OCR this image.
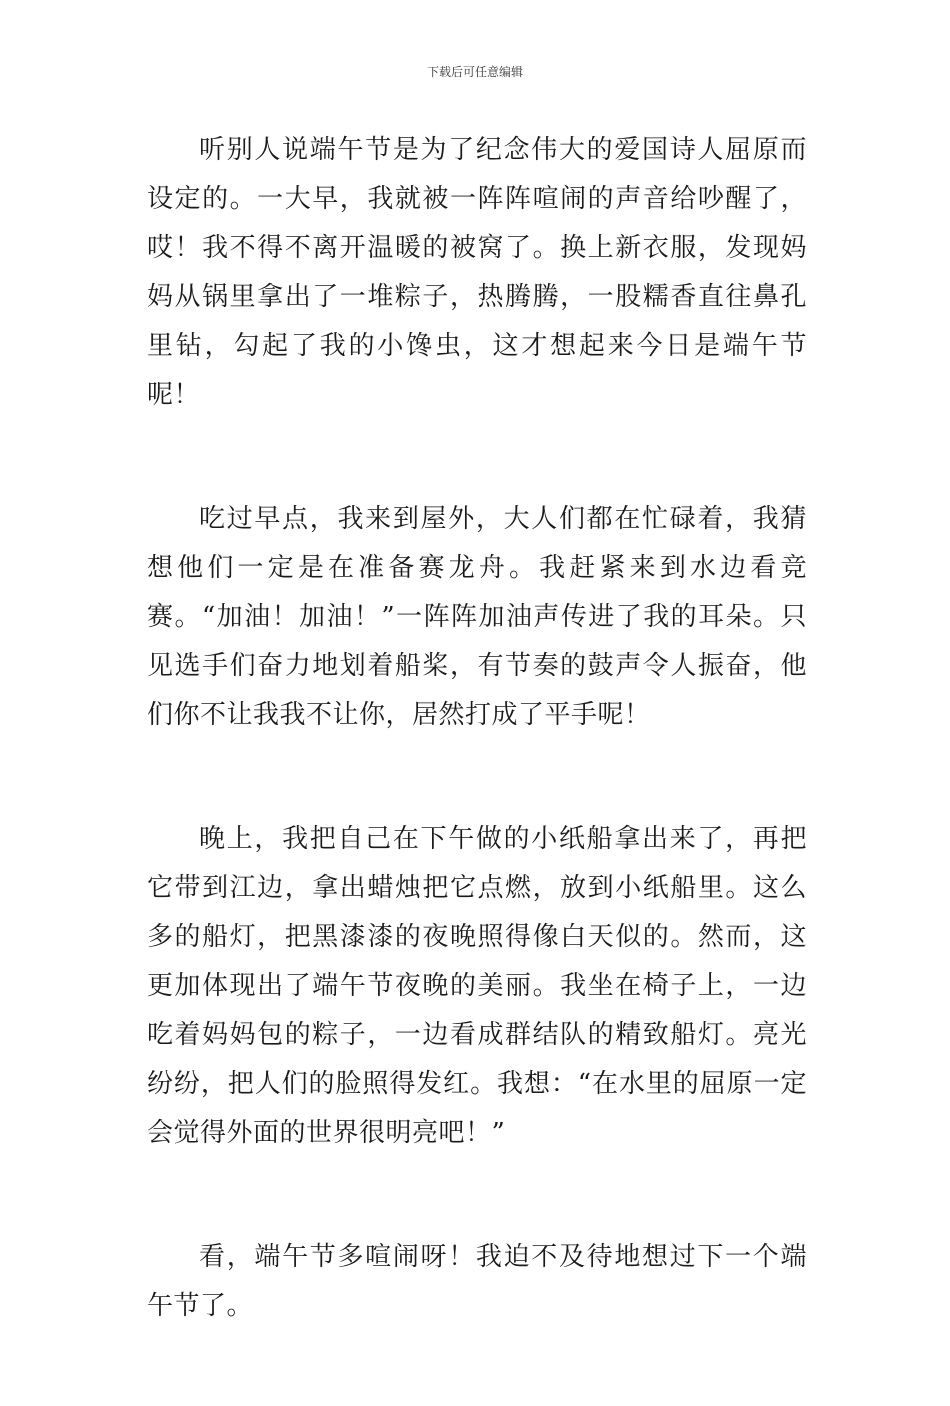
下载后可任意编辑

听别人说端午节是为了纪念伟大的爱国诗人屈原而设定的。一大早，我就被一阵阵喧闹的声音给吵醒了，哎！我不得不离开温暖的被窝了。换上新衣服，发现妈妈从锅里拿出了一堆粽子，热腾腾，一股糯香直往鼻孔里钻，勾起了我的小馋虫，这才想起来今日是端午节呢！

吃过早点，我来到屋外，大人们都在忙碌着，我猜想他们一定是在准备赛龙舟。我赶紧来到水边看竞赛。“加油！加油！”一阵阵加油声传进了我的耳朵。只见选手们奋力地划着船桨，有节奏的鼓声令人振奋，他们你不让我我不让你，居然打成了平手呢！

晚上，我把自己在下午做的小纸船拿出来了，再把它带到江边，拿出蜡烛把它点燃，放到小纸船里。这么多的船灯，把黑漆漆的夜晚照得像白天似的。然而，这更加体现出了端午节夜晚的美丽。我坐在椅子上，一边吃着妈妈包的粽子，一边看成群结队的精致船灯。亮光纷纷，把人们的脸照得发红。我想：“在水里的屈原一定会觉得外面的世界很明亮吧！”

看，端午节多喧闹呀！我迫不及待地想过下一个端午节了。
